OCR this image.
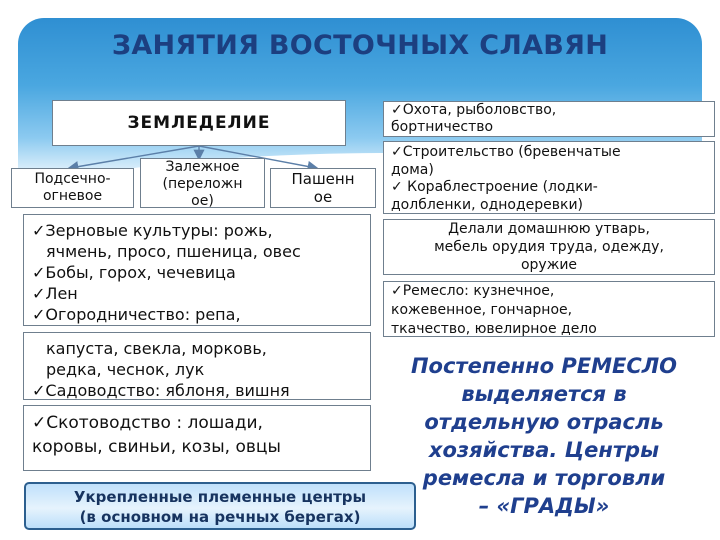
ЗАНЯТИЯ ВОСТОЧНЫХ СЛАВЯН
ЗЕМЛЕДЕЛИЕ
Подсечно-
огневое
Залежное
(переложн
ое)
Пашенн
ое
✓Зерновые культуры: рожь,
ячмень, просо, пшеница, овес
✓Бобы, горох, чечевица
✓Лен
✓Огородничество: репа,
капуста, свекла, морковь,
редка, чеснок, лук
✓Садоводство: яблоня, вишня
✓Скотоводство : лошади,
коровы, свиньи, козы, овцы
✓Охота, рыболовство,
бортничество
✓Строительство (бревенчатые
дома)
✓ Кораблестроение (лодки-
долбленки, однодеревки)
Делали домашнюю утварь,
мебель орудия труда, одежду,
оружие
✓Ремесло: кузнечное,
кожевенное, гончарное,
ткачество, ювелирное дело
Постепенно РЕМЕСЛО
выделяется в
отдельную отрасль
хозяйства. Центры
ремесла и торговли
– «ГРАДЫ»
Укрепленные племенные центры
(в основном на речных берегах)
